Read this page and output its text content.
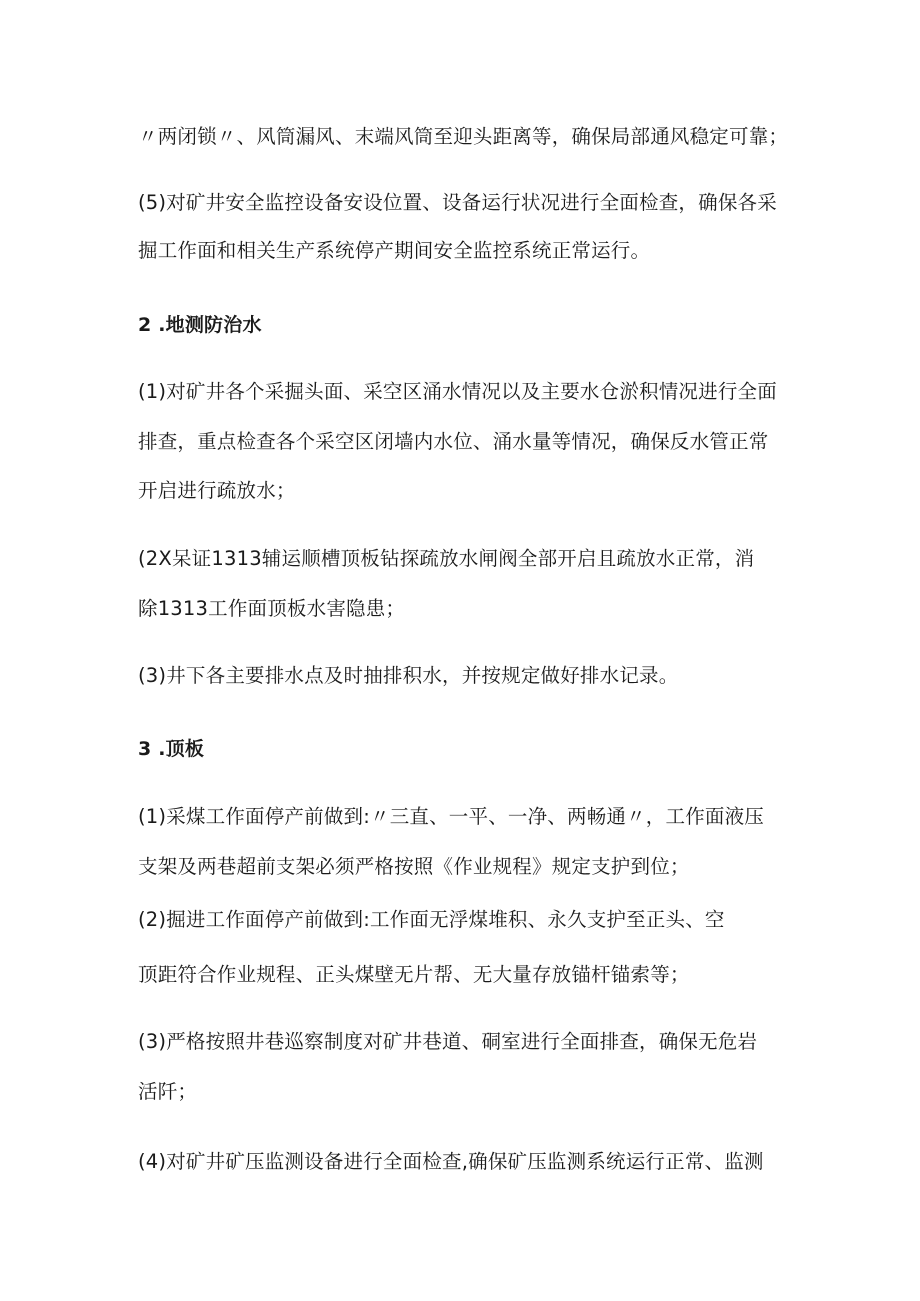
〃两闭锁〃、风筒漏风、末端风筒至迎头距离等，确保局部通风稳定可靠；
(5)对矿井安全监控设备安设位置、设备运行状况进行全面检查，确保各采
掘工作面和相关生产系统停产期间安全监控系统正常运行。
2 .地测防治水
(1)对矿井各个采掘头面、采空区涌水情况以及主要水仓淤积情况进行全面
排查，重点检查各个采空区闭墙内水位、涌水量等情况，确保反水管正常
开启进行疏放水；
(2X呆证1313辅运顺槽顶板钻探疏放水闸阀全部开启且疏放水正常，消
除1313工作面顶板水害隐患；
(3)井下各主要排水点及时抽排积水，并按规定做好排水记录。
3 .顶板
(1)采煤工作面停产前做到:〃三直、一平、一净、两畅通〃，工作面液压
支架及两巷超前支架必须严格按照《作业规程》规定支护到位；
(2)掘进工作面停产前做到:工作面无浮煤堆积、永久支护至正头、空
顶距符合作业规程、正头煤壁无片帮、无大量存放锚杆锚索等；
(3)严格按照井巷巡察制度对矿井巷道、硐室进行全面排查，确保无危岩
活阡；
(4)对矿井矿压监测设备进行全面检查,确保矿压监测系统运行正常、监测
